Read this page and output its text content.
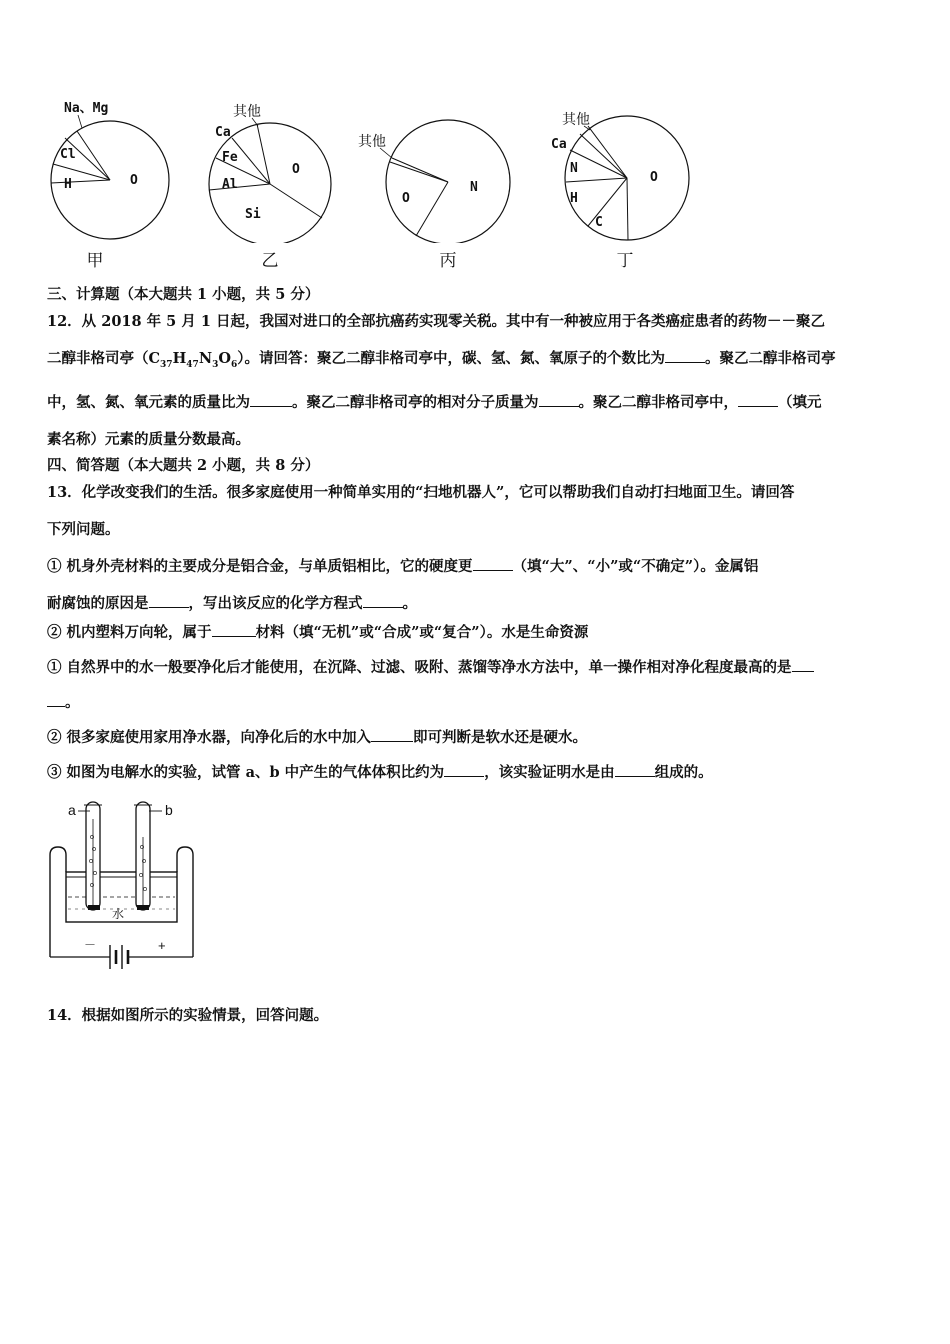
Na、Mg
Cl
H	O
甲
其他
Ca
Fe
Al
Si
O
乙
其他
O
N
丙
其他
Ca
N
H
C
O
丁
三、计算题（本大题共 1 小题，共 5 分）
12．从 2018 年 5 月 1 日起，我国对进口的全部抗癌药实现零关税。其中有一种被应用于各类癌症患者的药物－－聚乙
二醇非格司亭$(C_{37}H_{47}N_3O_6)$。请回答：聚乙二醇非格司亭中，碳、氢、氮、氧原子的个数比为	。聚乙二醇非格司亭
中，氢、氮、氧元素的质量比为	。聚乙二醇非格司亭的相对分子质量为	。聚乙二醇非格司亭中，	（填元
素名称）元素的质量分数最高。
四、简答题（本大题共 2 小题，共 8 分）
13．化学改变我们的生活。很多家庭使用一种简单实用的“扫地机器人”，它可以帮助我们自动打扫地面卫生。请回答
下列问题。
① 机身外壳材料的主要成分是铝合金，与单质铝相比，它的硬度更	（填“大”、“小”或“不确定”）。金属铝
耐腐蚀的原因是	，写出该反应的化学方程式	。
② 机内塑料万向轮，属于	材料（填“无机”或“合成”或“复合”）。水是生命资源
① 自然界中的水一般要净化后才能使用，在沉降、过滤、吸附、蒸馏等净水方法中，单一操作相对净化程度最高的是
。
② 很多家庭使用家用净水器，向净化后的水中加入	即可判断是软水还是硬水。
③ 如图为电解水的实验，试管 a、b 中产生的气体体积比约为	，该实验证明水是由	组成的。
a	b
水
－	+
14．根据如图所示的实验情景，回答问题。
